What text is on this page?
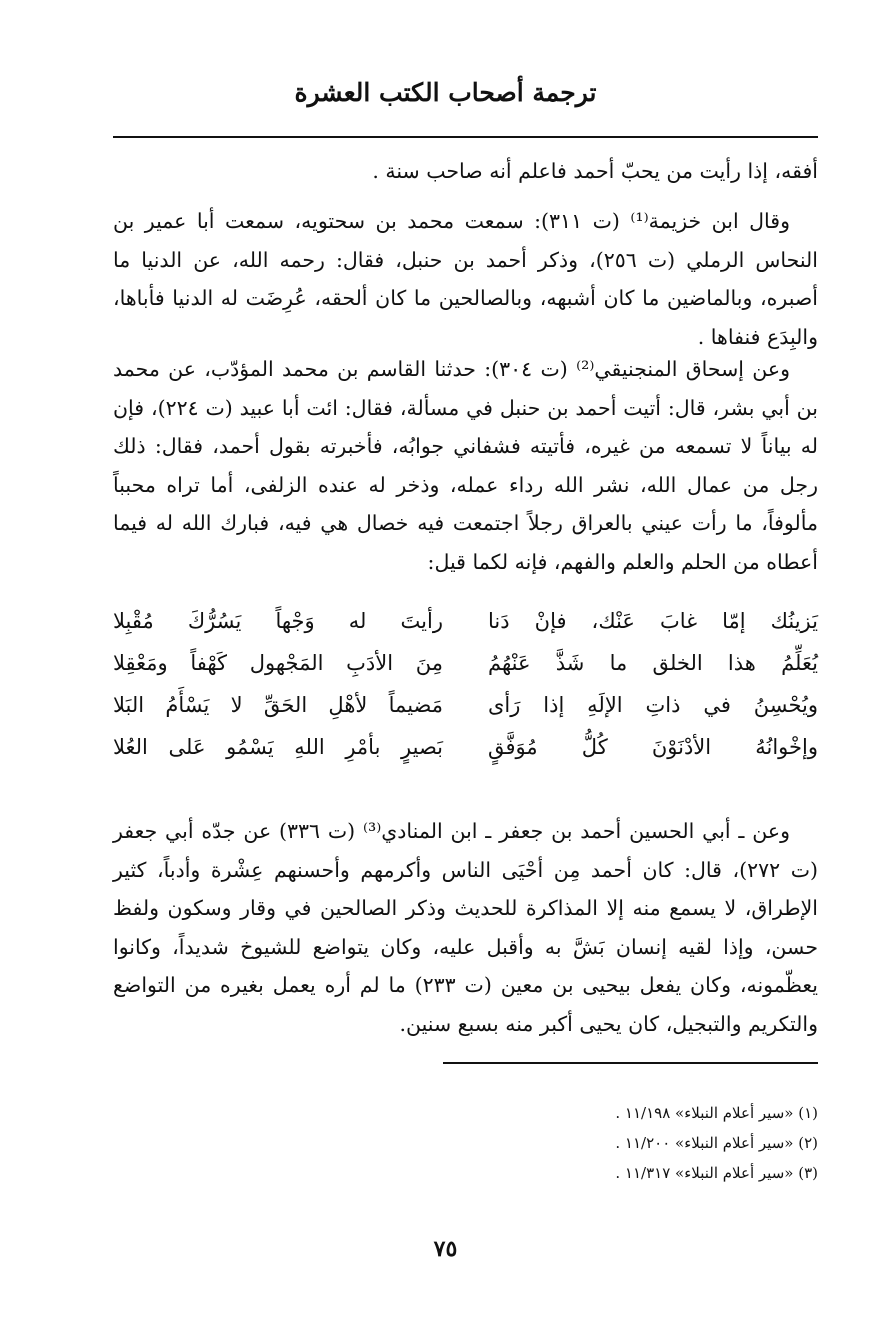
ترجمة أصحاب الكتب العشرة

أفقه، إذا رأيت من يحبّ أحمد فاعلم أنه صاحب سنة .

وقال ابن خزيمة⁽¹⁾ (ت ٣١١): سمعت محمد بن سحتويه، سمعت أبا عمير بن النحاس الرملي (ت ٢٥٦)، وذكر أحمد بن حنبل، فقال: رحمه الله، عن الدنيا ما أصبره، وبالماضين ما كان أشبهه، وبالصالحين ما كان ألحقه، عُرِضَت له الدنيا فأباها، والبِدَع فنفاها .

وعن إسحاق المنجنيقي⁽²⁾ (ت ٣٠٤): حدثنا القاسم بن محمد المؤدّب، عن محمد بن أبي بشر، قال: أتيت أحمد بن حنبل في مسألة، فقال: ائت أبا عبيد (ت ٢٢٤)، فإن له بياناً لا تسمعه من غيره، فأتيته فشفاني جوابُه، فأخبرته بقول أحمد، فقال: ذلك رجل من عمال الله، نشر الله رداء عمله، وذخر له عنده الزلفى، أما تراه محبباً مألوفاً، ما رأت عيني بالعراق رجلاً اجتمعت فيه خصال هي فيه، فبارك الله له فيما أعطاه من الحلم والعلم والفهم، فإنه لكما قيل:

يَزينُك إمّا غابَ عَنْك، فإنْ دَنا
رأيتَ له وَجْهاً يَسُرُّكَ مُقْبِلا
يُعَلِّمُ هذا الخلق ما شَذَّ عَنْهُمُ
مِنَ الأدَبِ المَجْهول كَهْفاً ومَعْقِلا
ويُحْسِنُ في ذاتِ الإلَهِ إذا رَأى
مَضيماً لأهْلِ الحَقِّ لا يَسْأَمُ البَلا
وإخْوانُهُ الأدْنَوْنَ كُلُّ مُوَفَّقٍ
بَصيرٍ بأمْرِ اللهِ يَسْمُو عَلى العُلا

وعن ـ أبي الحسين أحمد بن جعفر ـ ابن المنادي⁽³⁾ (ت ٣٣٦) عن جدّه أبي جعفر (ت ٢٧٢)، قال: كان أحمد مِن أحْيَى الناس وأكرمهم وأحسنهم عِشْرة وأدباً، كثير الإطراق، لا يسمع منه إلا المذاكرة للحديث وذكر الصالحين في وقار وسكون ولفظ حسن، وإذا لقيه إنسان بَشَّ به وأقبل عليه، وكان يتواضع للشيوخ شديداً، وكانوا يعظّمونه، وكان يفعل بيحيى بن معين (ت ٢٣٣) ما لم أره يعمل بغيره من التواضع والتكريم والتبجيل، كان يحيى أكبر منه بسبع سنين.

(١) «سير أعلام النبلاء» ١١/١٩٨ .
(٢) «سير أعلام النبلاء» ١١/٢٠٠ .
(٣) «سير أعلام النبلاء» ١١/٣١٧ .
٧٥
